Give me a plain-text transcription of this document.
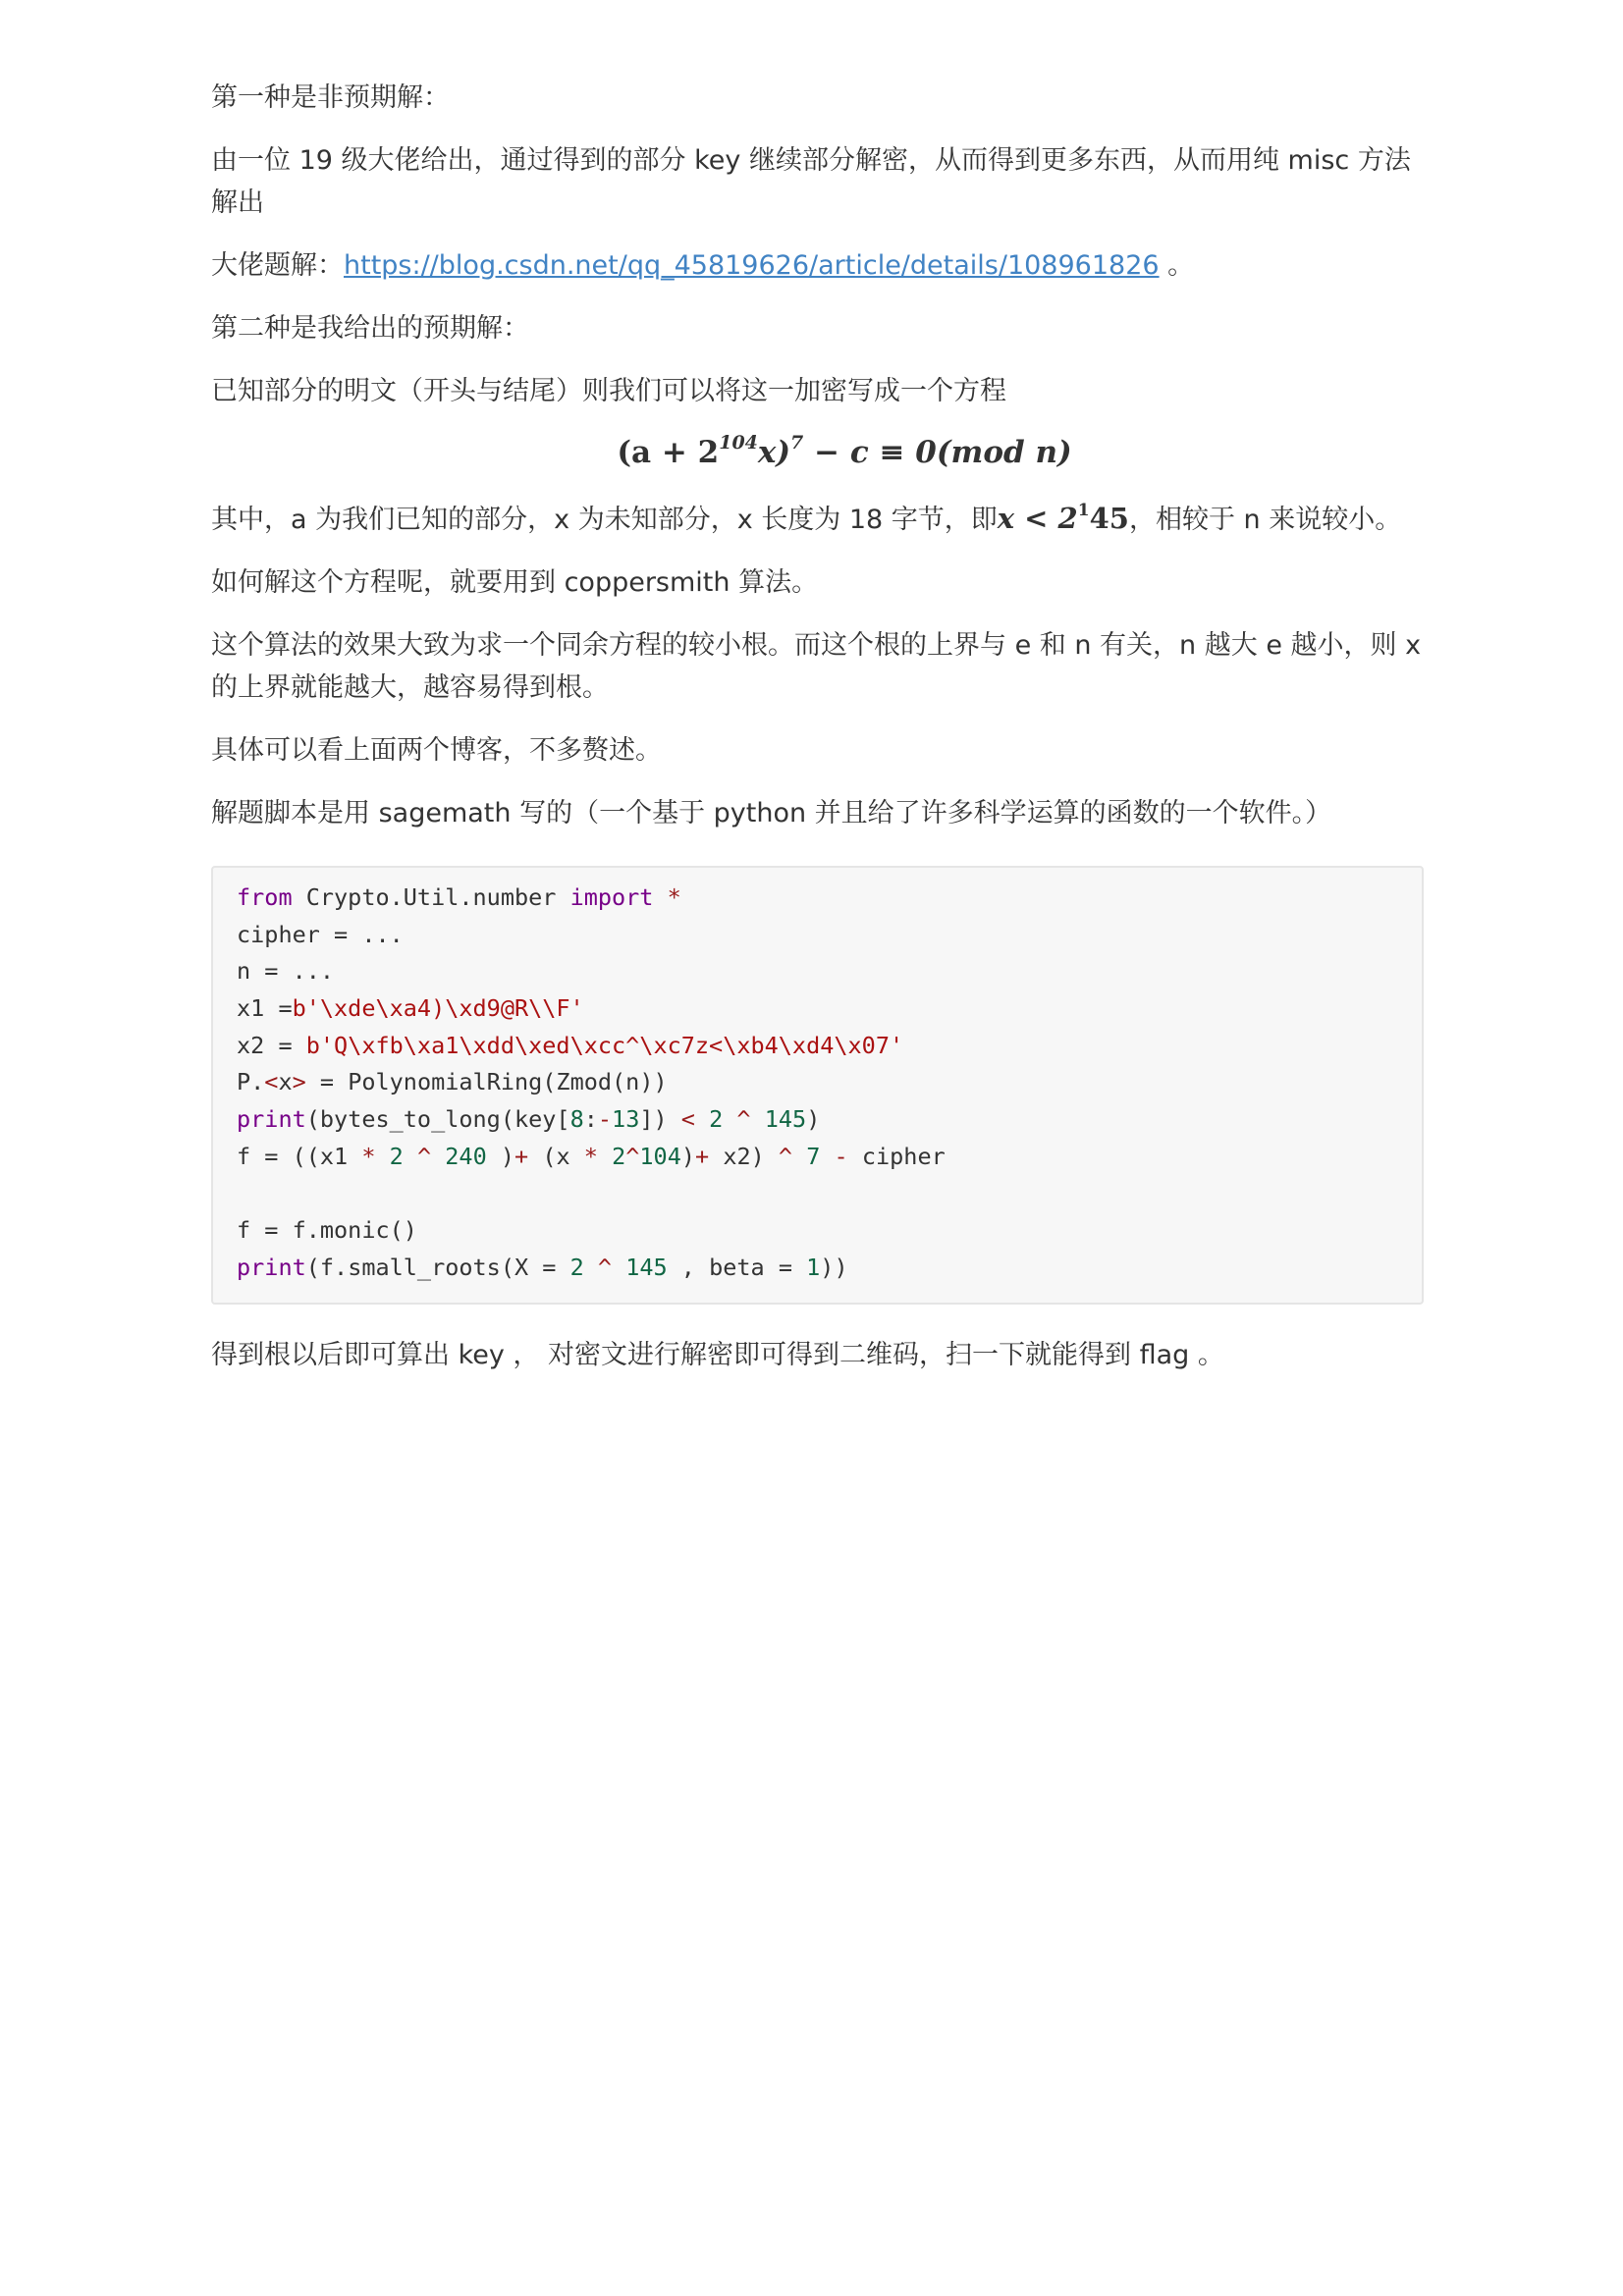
第一种是非预期解：

由一位 19 级大佬给出，通过得到的部分 key 继续部分解密，从而得到更多东西，从而用纯 misc 方法解出

大佬题解：https://blog.csdn.net/qq_45819626/article/details/108961826 。

第二种是我给出的预期解：

已知部分的明文（开头与结尾）则我们可以将这一加密写成一个方程

$(a + 2^{104}x)^7 - c \equiv 0(mod$ n)

其中，a 为我们已知的部分，x 为未知部分，x 长度为 18 字节，即$x < 2^145$，相较于 n 来说较小。

如何解这个方程呢，就要用到 coppersmith 算法。

这个算法的效果大致为求一个同余方程的较小根。而这个根的上界与 e 和 n 有关，n 越大 e 越小，则 x 的上界就能越大，越容易得到根。

具体可以看上面两个博客，不多赘述。

解题脚本是用 sagemath 写的（一个基于 python 并且给了许多科学运算的函数的一个软件。）

from Crypto.Util.number import *
cipher = ...
n = ...
x1 =b'\xde\xa4)\xd9@R\\F'
x2 = b'Q\xfb\xa1\xdd\xed\xcc^\xc7z<\xb4\xd4\x07'
P.<x> = PolynomialRing(Zmod(n))
print(bytes_to_long(key[8:-13]) < 2 ^ 145)
f = ((x1 * 2 ^ 240 )+ (x * 2^104)+ x2) ^ 7 - cipher
f = f.monic()
print(f.small_roots(X = 2 ^ 145 , beta = 1))

得到根以后即可算出 key ， 对密文进行解密即可得到二维码，扫一下就能得到 flag 。
